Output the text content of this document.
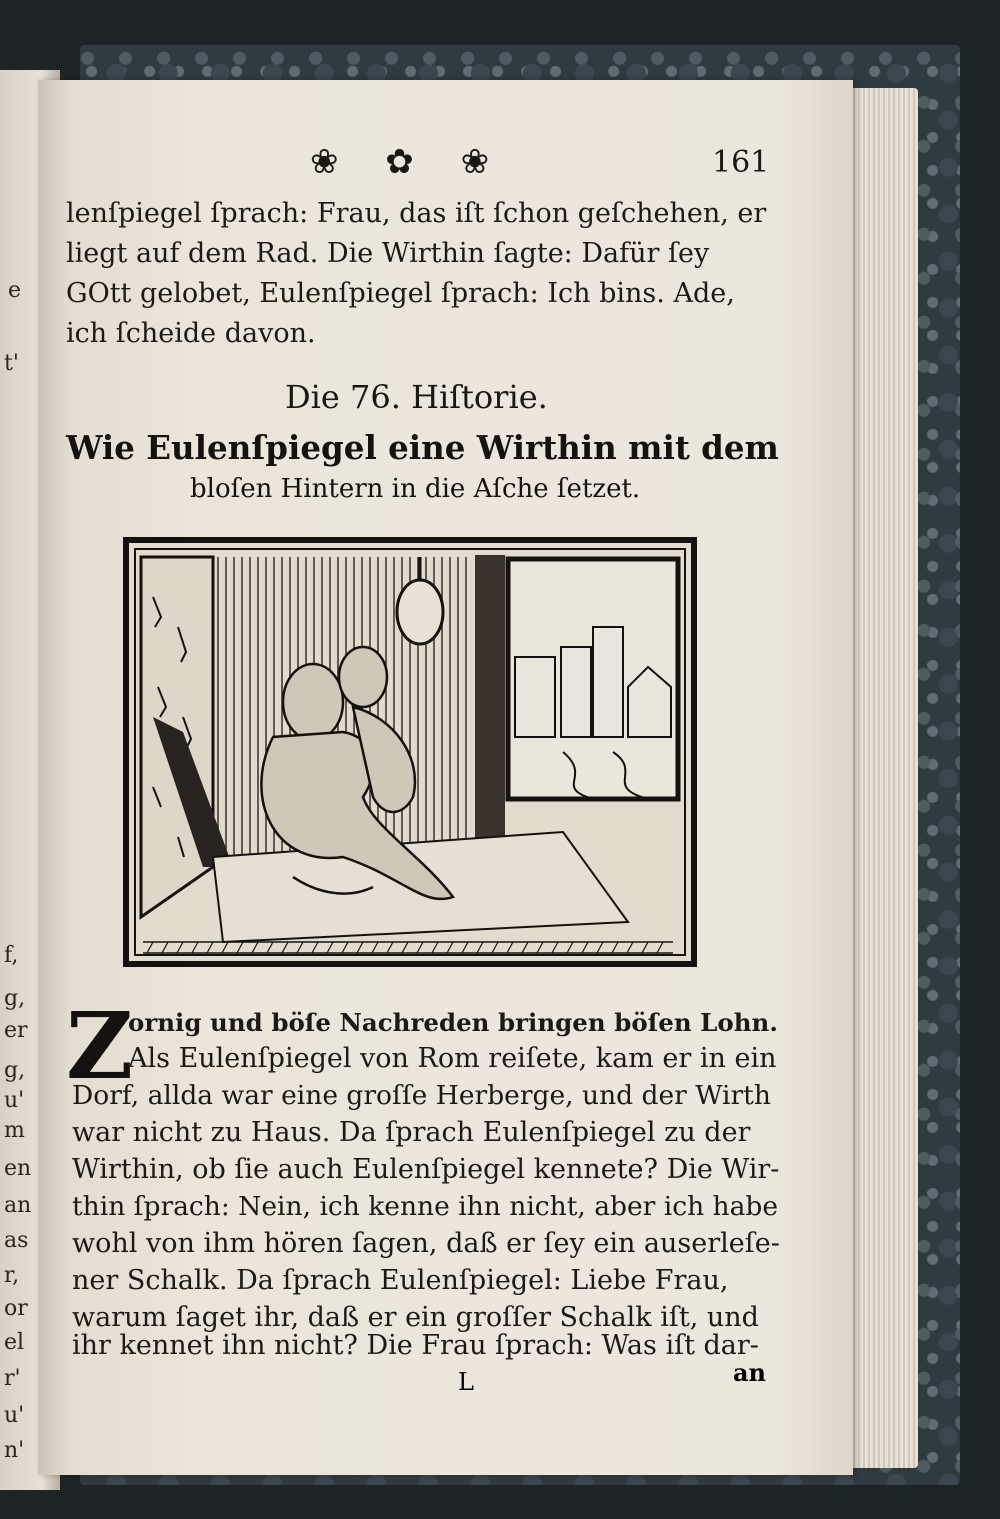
e
t'
f,
g,
er
g,
u'
m
en
an
as
r,
or
el
r'
u'
n'
❀ ✿ ❀	161
lenſpiegel ſprach: Frau, das iſt ſchon geſchehen, er
liegt auf dem Rad. Die Wirthin ſagte: Dafür ſey
GOtt gelobet, Eulenſpiegel ſprach: Ich bins. Ade,
ich ſcheide davon.
Die 76. Hiſtorie.
Wie Eulenſpiegel eine Wirthin mit dem
bloſen Hintern in die Aſche ſetzet.
Z
ornig und böſe Nachreden bringen böſen Lohn.
Als Eulenſpiegel von Rom reiſete, kam er in ein
Dorf, allda war eine groſſe Herberge, und der Wirth
war nicht zu Haus. Da ſprach Eulenſpiegel zu der
Wirthin, ob ſie auch Eulenſpiegel kennete? Die Wir-
thin ſprach: Nein, ich kenne ihn nicht, aber ich habe
wohl von ihm hören ſagen, daß er ſey ein auserleſe-
ner Schalk. Da ſprach Eulenſpiegel: Liebe Frau,
warum ſaget ihr, daß er ein groſſer Schalk iſt, und
ihr kennet ihn nicht? Die Frau ſprach: Was iſt dar-
L	an
